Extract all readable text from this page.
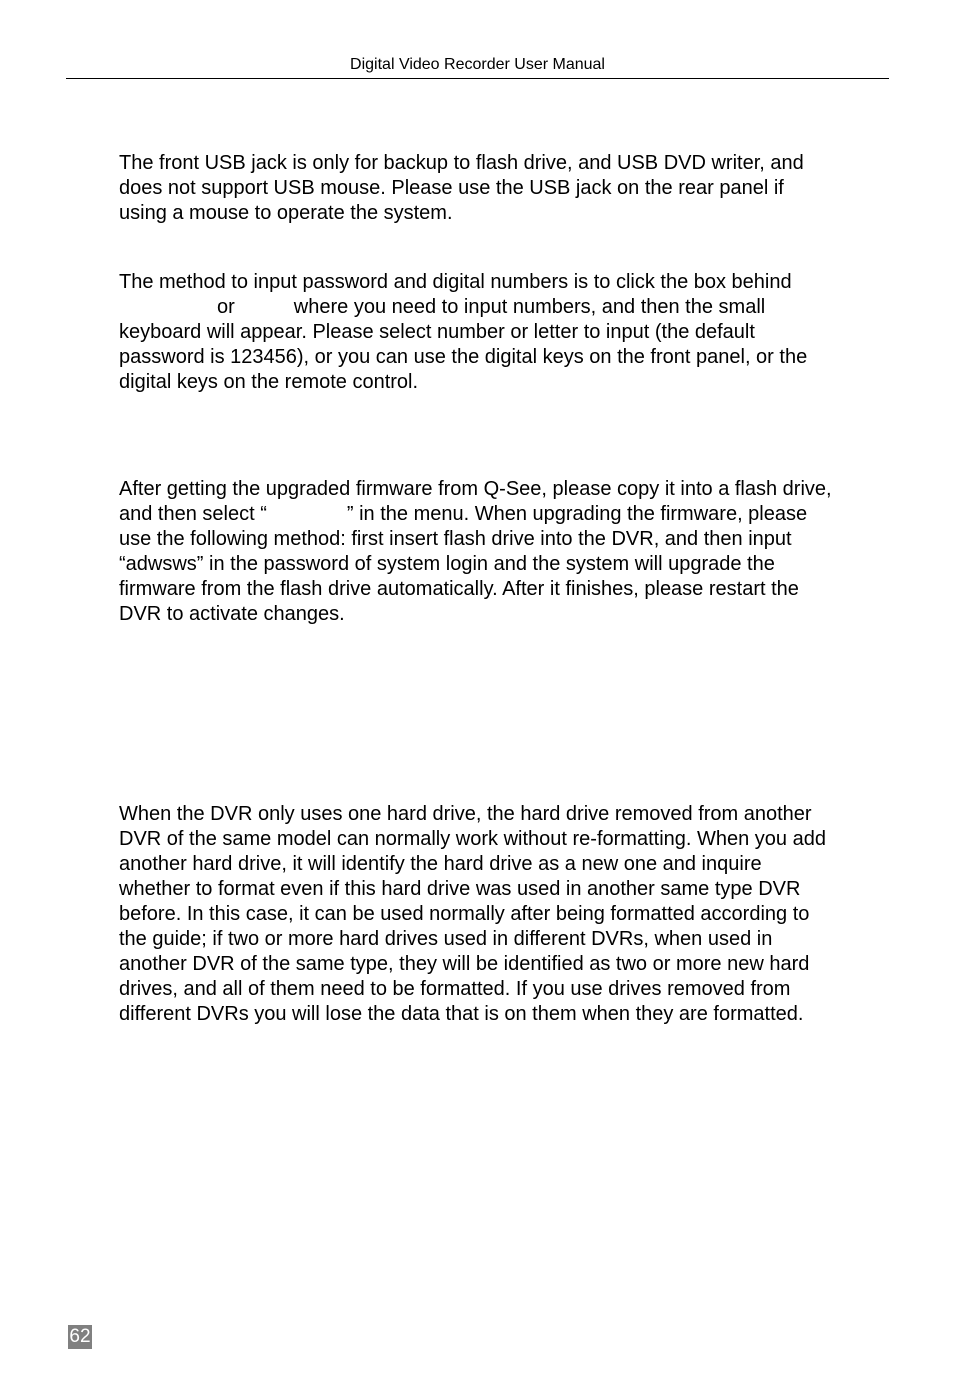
Digital Video Recorder User Manual

The front USB jack is only for backup to flash drive, and USB DVD writer, and
does not support USB mouse. Please use the USB jack on the rear panel if
using a mouse to operate the system.

The method to input password and digital numbers is to click the box behind
or	where you need to input numbers, and then the small
keyboard will appear. Please select number or letter to input (the default
password is 123456), or you can use the digital keys on the front panel, or the
digital keys on the remote control.

After getting the upgraded firmware from Q-See, please copy it into a flash drive,
and then select “	” in the menu. When upgrading the firmware, please
use the following method: first insert flash drive into the DVR, and then input
“adwsws” in the password of system login and the system will upgrade the
firmware from the flash drive automatically. After it finishes, please restart the
DVR to activate changes.

When the DVR only uses one hard drive, the hard drive removed from another
DVR of the same model can normally work without re-formatting. When you add
another hard drive, it will identify the hard drive as a new one and inquire
whether to format even if this hard drive was used in another same type DVR
before. In this case, it can be used normally after being formatted according to
the guide; if two or more hard drives used in different DVRs, when used in
another DVR of the same type, they will be identified as two or more new hard
drives, and all of them need to be formatted. If you use drives removed from
different DVRs you will lose the data that is on them when they are formatted.

62
